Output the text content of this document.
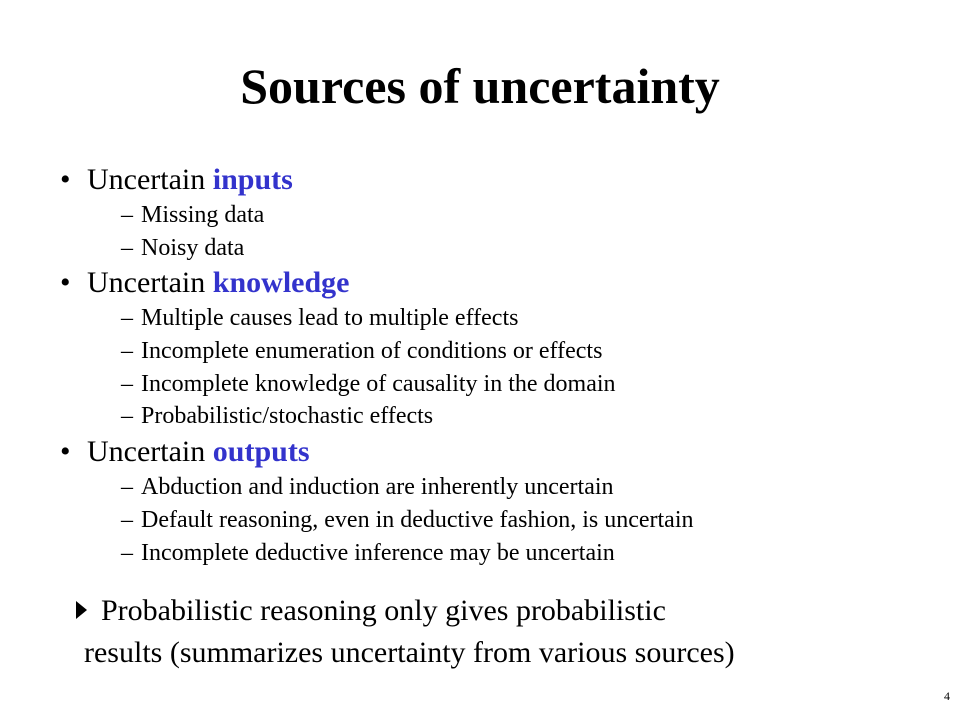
Sources of uncertainty
• Uncertain inputs
– Missing data
– Noisy data
• Uncertain knowledge
– Multiple causes lead to multiple effects
– Incomplete enumeration of conditions or effects
– Incomplete knowledge of causality in the domain
– Probabilistic/stochastic effects
• Uncertain outputs
– Abduction and induction are inherently uncertain
– Default reasoning, even in deductive fashion, is uncertain
– Incomplete deductive inference may be uncertain
Probabilistic reasoning only gives probabilistic
results (summarizes uncertainty from various sources)
4
